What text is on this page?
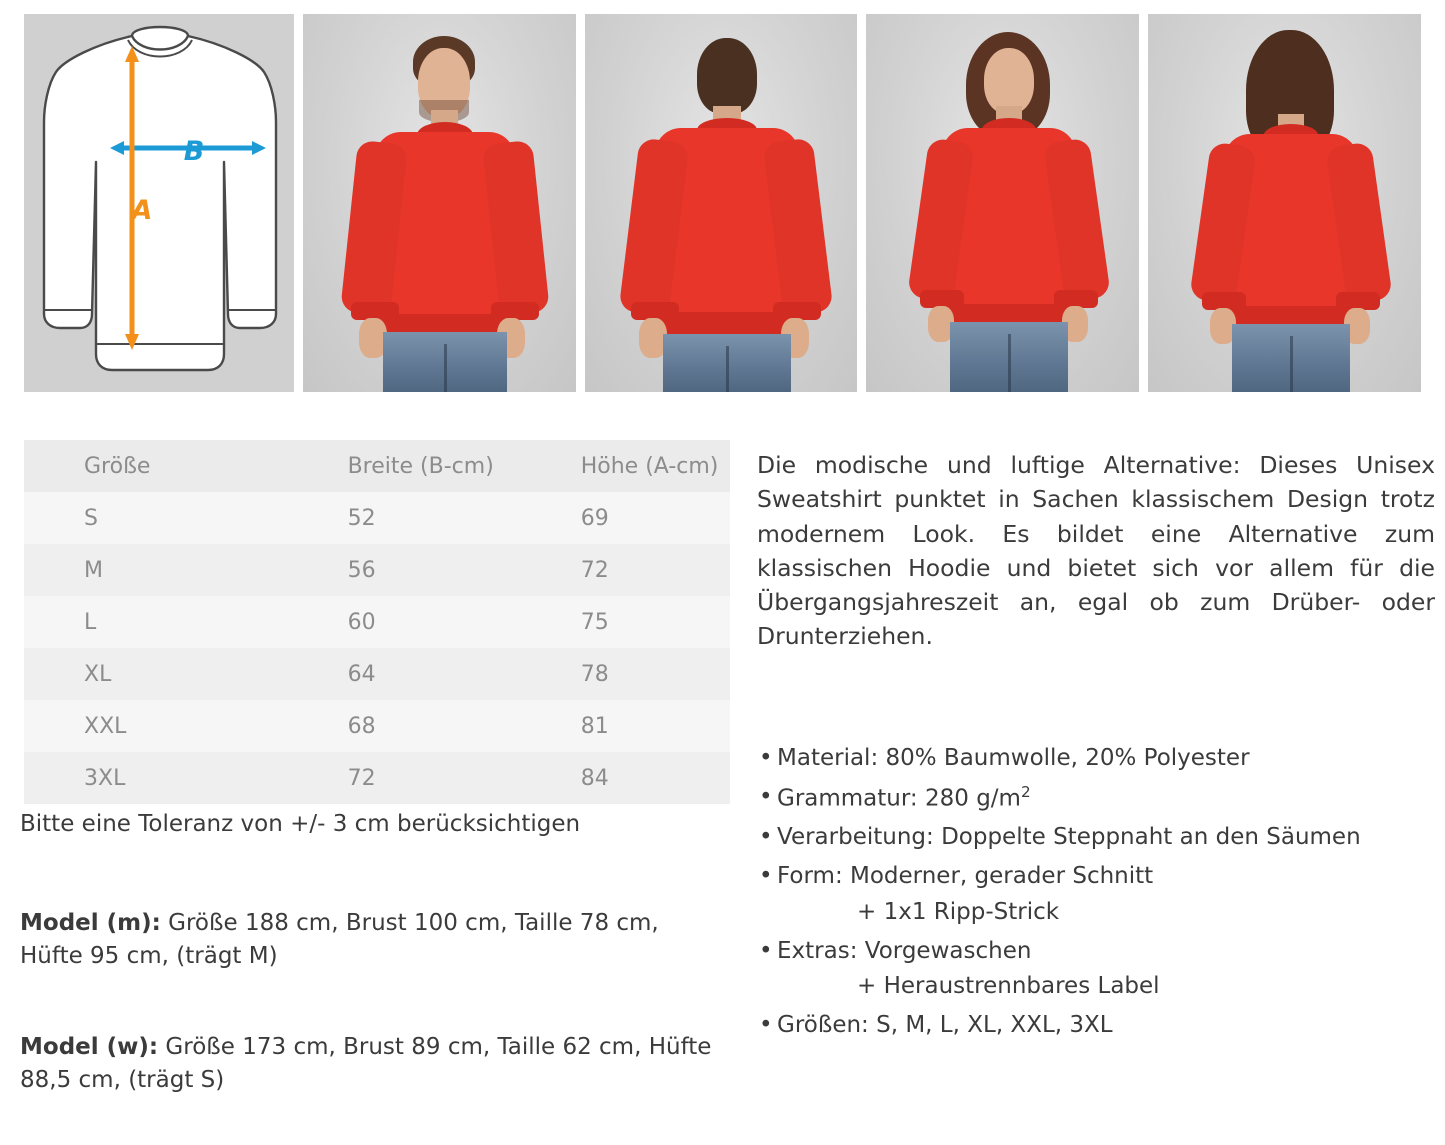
B
A
Größe	Breite (B-cm)	Höhe (A-cm)
S	52	69
M	56	72
L	60	75
XL	64	78
XXL	68	81
3XL	72	84
Bitte eine Toleranz von +/- 3 cm berücksichtigen
Model (m): Größe 188 cm, Brust 100 cm, Taille 78 cm, Hüfte 95 cm, (trägt M)
Model (w): Größe 173 cm, Brust 89 cm, Taille 62 cm, Hüfte 88,5 cm, (trägt S)
Die modische und luftige Alternative: Dieses Unisex Sweatshirt punktet in Sachen klassischem Design trotz modernem Look. Es bildet eine Alternative zum klassischen Hoodie und bietet sich vor allem für die Übergangsjahreszeit an, egal ob zum Drüber- oder Drunterziehen.
• Material: 80% Baumwolle, 20% Polyester
• Grammatur: 280 $g/m^2$
• Verarbeitung: Doppelte Steppnaht an den Säumen
• Form: Moderner, gerader Schnitt
+ 1x1 Ripp-Strick
• Extras: Vorgewaschen
+ Heraustrennbares Label
• Größen: S, M, L, XL, XXL, 3XL
